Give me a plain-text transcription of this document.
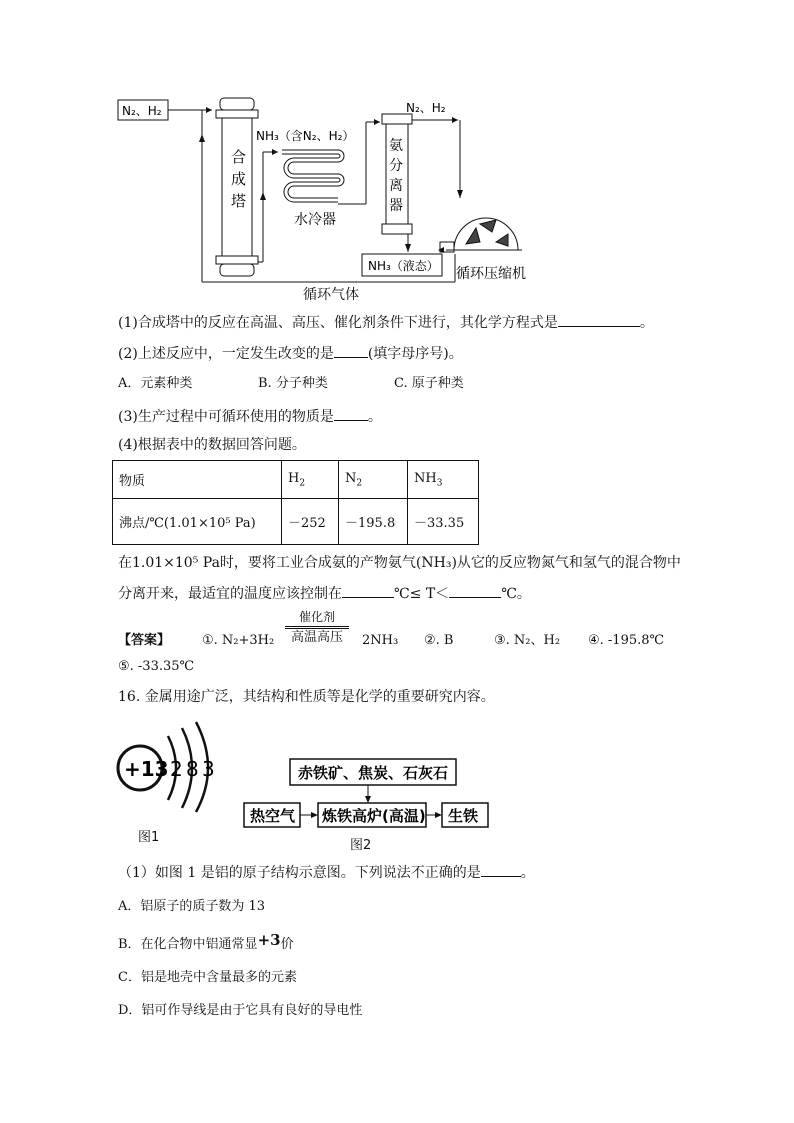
N₂、H₂
合
成
塔
NH₃（含N₂、H₂）
水冷器
氨
分
离
器
N₂、H₂
NH₃（液态） 循环压缩机
循环气体
(1)合成塔中的反应在高温、高压、催化剂条件下进行，其化学方程式是	。
(2)上述反应中，一定发生改变的是 (填字母序号)。
A．元素种类	B. 分子种类	C. 原子种类
(3)生产过程中可循环使用的物质是 。
(4)根据表中的数据回答问题。
物质	$H_2$	$N_2$	$NH_3$
沸点/℃(1.01×10⁵ Pa)	－252	－195.8	－33.35
在1.01×10⁵ Pa时，要将工业合成氨的产物氨气(NH₃)从它的反应物氮气和氢气的混合物中
分离开来，最适宜的温度应该控制在	℃≤ T＜	℃。
【答案】 ①. N₂+3H₂
催化剂
高温高压	2NH₃ ②. B	③. N₂、H₂ ④. -195.8℃
⑤. -33.35℃
16. 金属用途广泛，其结构和性质等是化学的重要研究内容。
+13 2 8 3
图1
赤铁矿、焦炭、石灰石
热空气 炼铁高炉(高温) 生铁
图2
（1）如图 1 是铝的原子结构示意图。下列说法不正确的是	。
A．铝原子的质子数为 13
B．在化合物中铝通常显+3价
C．铝是地壳中含量最多的元素
D．铝可作导线是由于它具有良好的导电性
